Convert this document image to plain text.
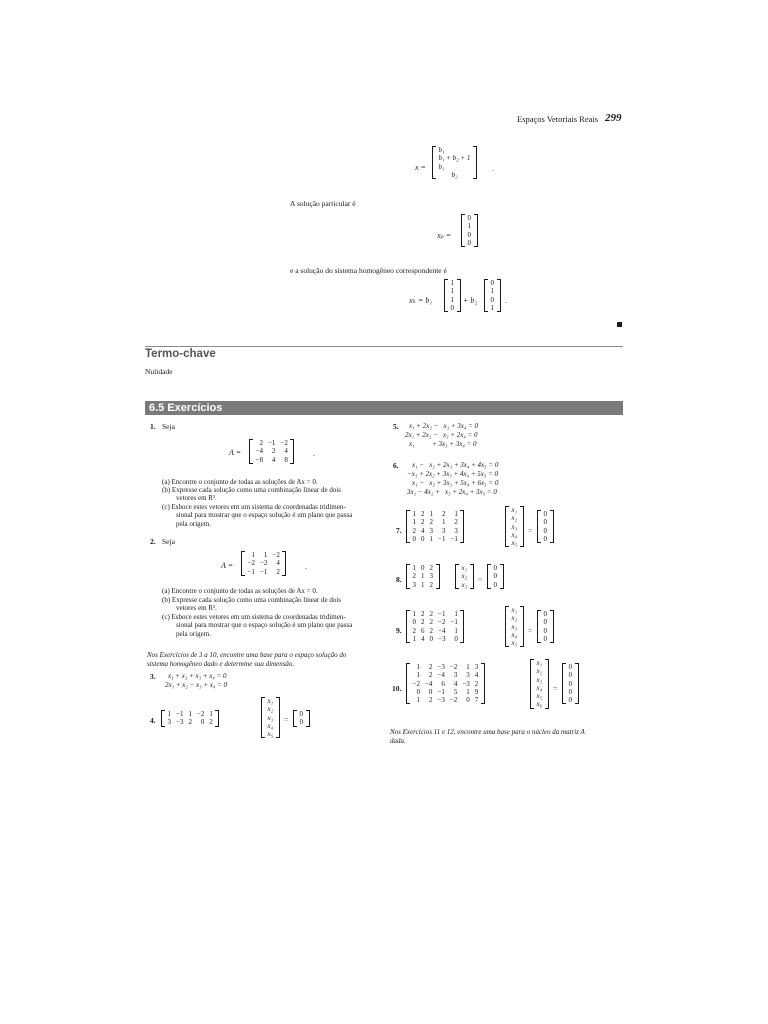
Espaços Vetoriais Reais 299
x =
b₁
b₁ + b₂ + 1
b₁
b₂
.
A solução particular é
xₚ =
0
1
0
0
e a solução do sistema homogêneo correspondente é
xₕ = b₁
1
1
1
0
+ b₂
0
1
0
1
.
Termo-chave
Nulidade
6.5 Exercícios
1. Seja
A =
2	−1	−2
−4	2	4
−8	4	8
.
(a) Encontre o conjunto de todas as soluções de Ax = 0.
(b) Expresse cada solução como uma combinação linear de dois
vetores em R³.
(c) Esboce estes vetores em um sistema de coordenadas tridimen-
sional para mostrar que o espaço solução é um plano que passa
pela origem.
2. Seja
A =
1	1	−2
−2	−2	4
−1	−1	2
.
(a) Encontre o conjunto de todas as soluções de Ax = 0.
(b) Expresse cada solução como uma combinação linear de dois
vetores em R³.
(c) Esboce estes vetores em um sistema de coordenadas tridimen-
sional para mostrar que o espaço solução é um plano que passa
pela origem.
Nos Exercícios de 3 a 10, encontre uma base para o espaço solução do
sistema homogêneo dado e determine sua dimensão.
3. x₁ + x₂ + x₃ + x₄ = 0
2x₁ + x₂ − x₃ + x₄ = 0
4.
1	−1	1	−2	1
3	−3	2	0	2
x₁
x₂
x₃
x₄
x₅
=
0
0
5. x₁ + 2x₂ −   x₃ + 3x₄ = 0
2x₁ + 2x₂ −   x₃ + 2x₄ = 0
x₁          + 3x₃ + 3x₄ = 0
6. x₁ −   x₂ + 2x₃ + 3x₄ + 4x₅ = 0
−x₁ + 2x₂ + 3x₃ + 4x₄ + 5x₅ = 0
x₁ −   x₂ + 3x₃ + 5x₄ + 6x₅ = 0
3x₁ − 4x₂ +   x₃ + 2x₄ + 3x₅ = 0
7.
1	2	1	2	1
1	2	2	1	2
2	4	3	3	3
0	0	1	−1	−1
x₁
x₂
x₃
x₄
x₅
=
0
0
0
0
8.
1	0	2
2	1	3
3	1	2
x₁
x₂
x₃
=
0
0
0
9.
1	2	2	−1	1
0	2	2	−2	−1
2	6	2	−4	1
1	4	0	−3	0
x₁
x₂
x₃
x₄
x₅
=
0
0
0
0
10.
1	2	−3	−2	1	3
1	2	−4	3	3	4
−2	−4	6	4	−3	2
0	0	−1	5	1	9
1	2	−3	−2	0	7
x₁
x₂
x₃
x₄
x₅
x₆
=
0
0
0
0
0
Nos Exercícios 11 e 12, encontre uma base para o núcleo da matriz A
dada.
